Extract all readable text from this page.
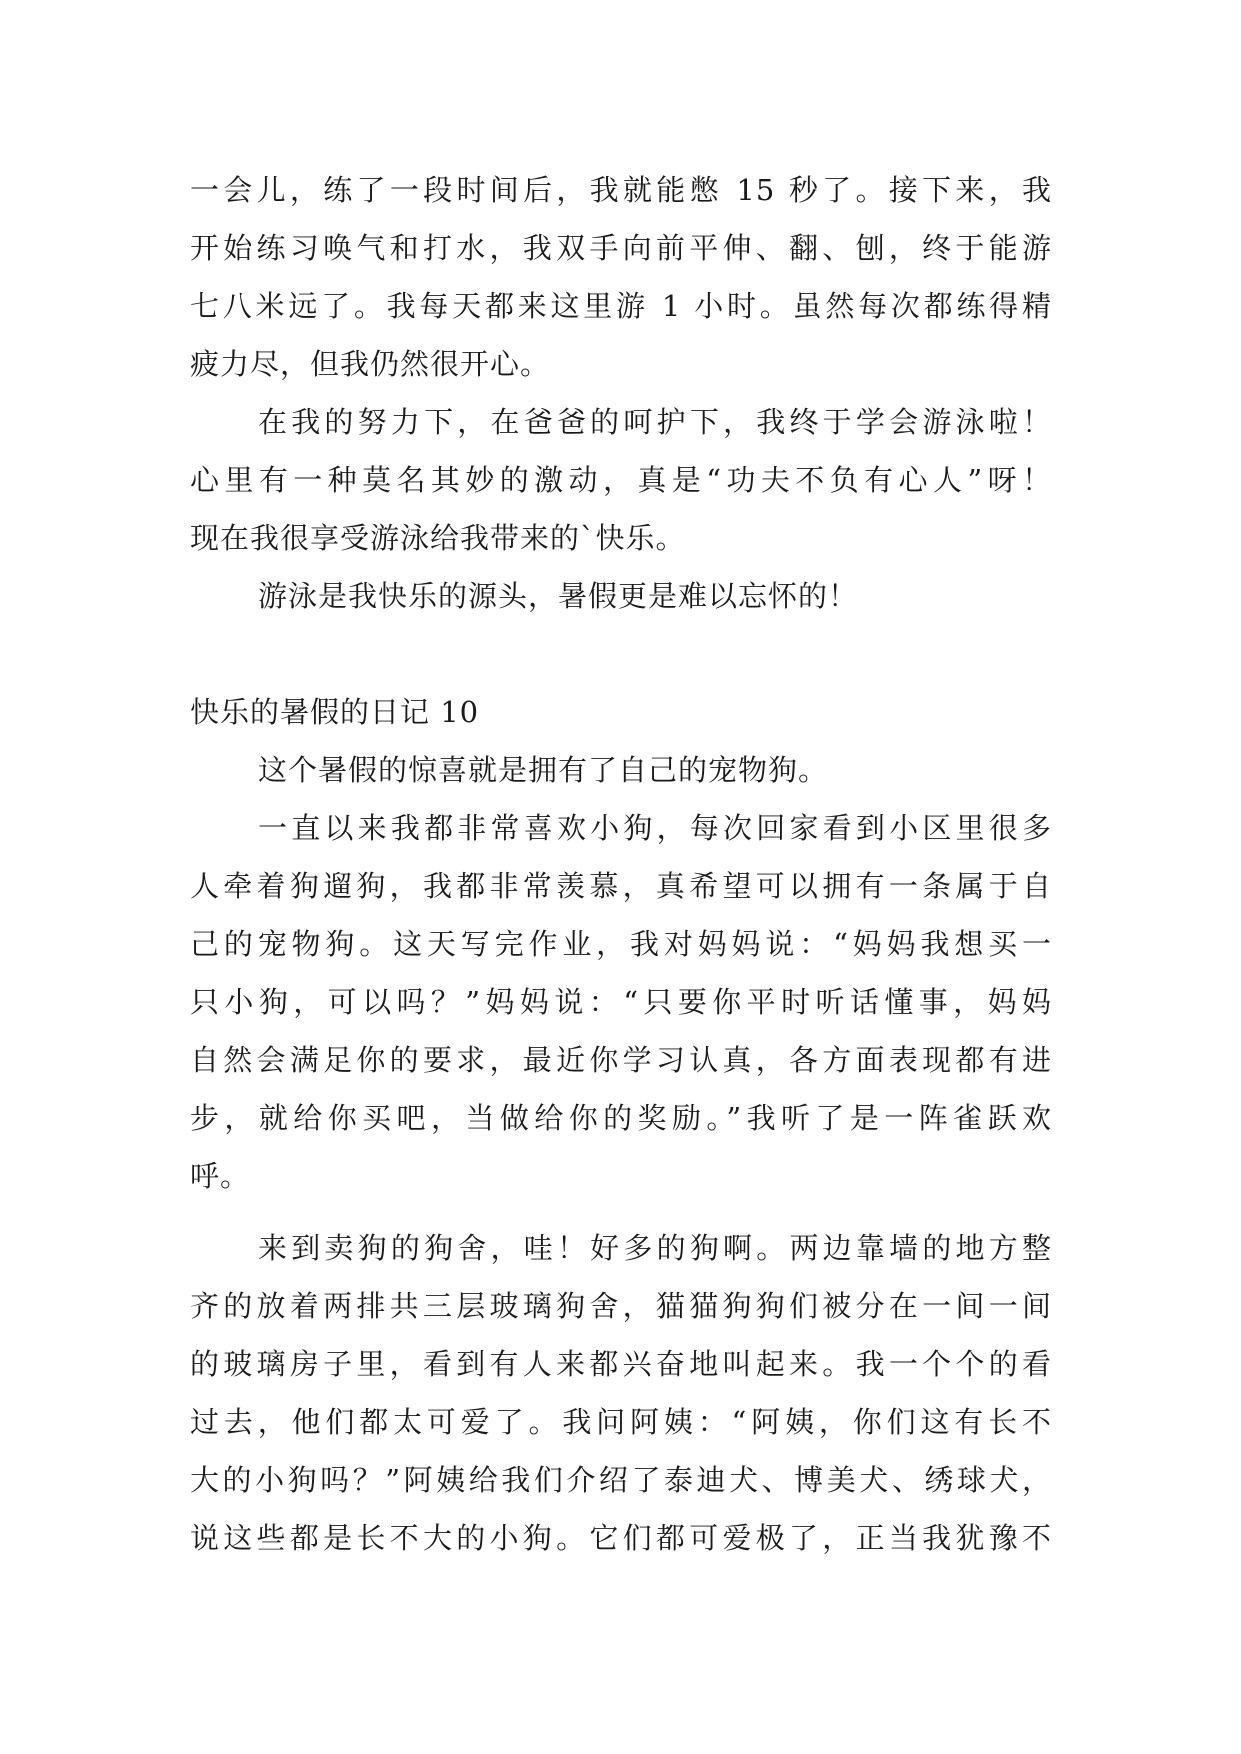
一会儿，练了一段时间后，我就能憋 15 秒了。接下来，我
开始练习唤气和打水，我双手向前平伸、翻、刨，终于能游
七八米远了。我每天都来这里游 1 小时。虽然每次都练得精
疲力尽，但我仍然很开心。
在我的努力下，在爸爸的呵护下，我终于学会游泳啦！
心里有一种莫名其妙的激动，真是“功夫不负有心人”呀！
现在我很享受游泳给我带来的`快乐。
游泳是我快乐的源头，暑假更是难以忘怀的！
快乐的暑假的日记 10
这个暑假的惊喜就是拥有了自己的宠物狗。
一直以来我都非常喜欢小狗，每次回家看到小区里很多
人牵着狗遛狗，我都非常羡慕，真希望可以拥有一条属于自
己的宠物狗。这天写完作业，我对妈妈说：“妈妈我想买一
只小狗，可以吗？”妈妈说：“只要你平时听话懂事，妈妈
自然会满足你的要求，最近你学习认真，各方面表现都有进
步，就给你买吧，当做给你的奖励。”我听了是一阵雀跃欢
呼。
来到卖狗的狗舍，哇！好多的狗啊。两边靠墙的地方整
齐的放着两排共三层玻璃狗舍，猫猫狗狗们被分在一间一间
的玻璃房子里，看到有人来都兴奋地叫起来。我一个个的看
过去，他们都太可爱了。我问阿姨：“阿姨，你们这有长不
大的小狗吗？”阿姨给我们介绍了泰迪犬、博美犬、绣球犬，
说这些都是长不大的小狗。它们都可爱极了，正当我犹豫不
